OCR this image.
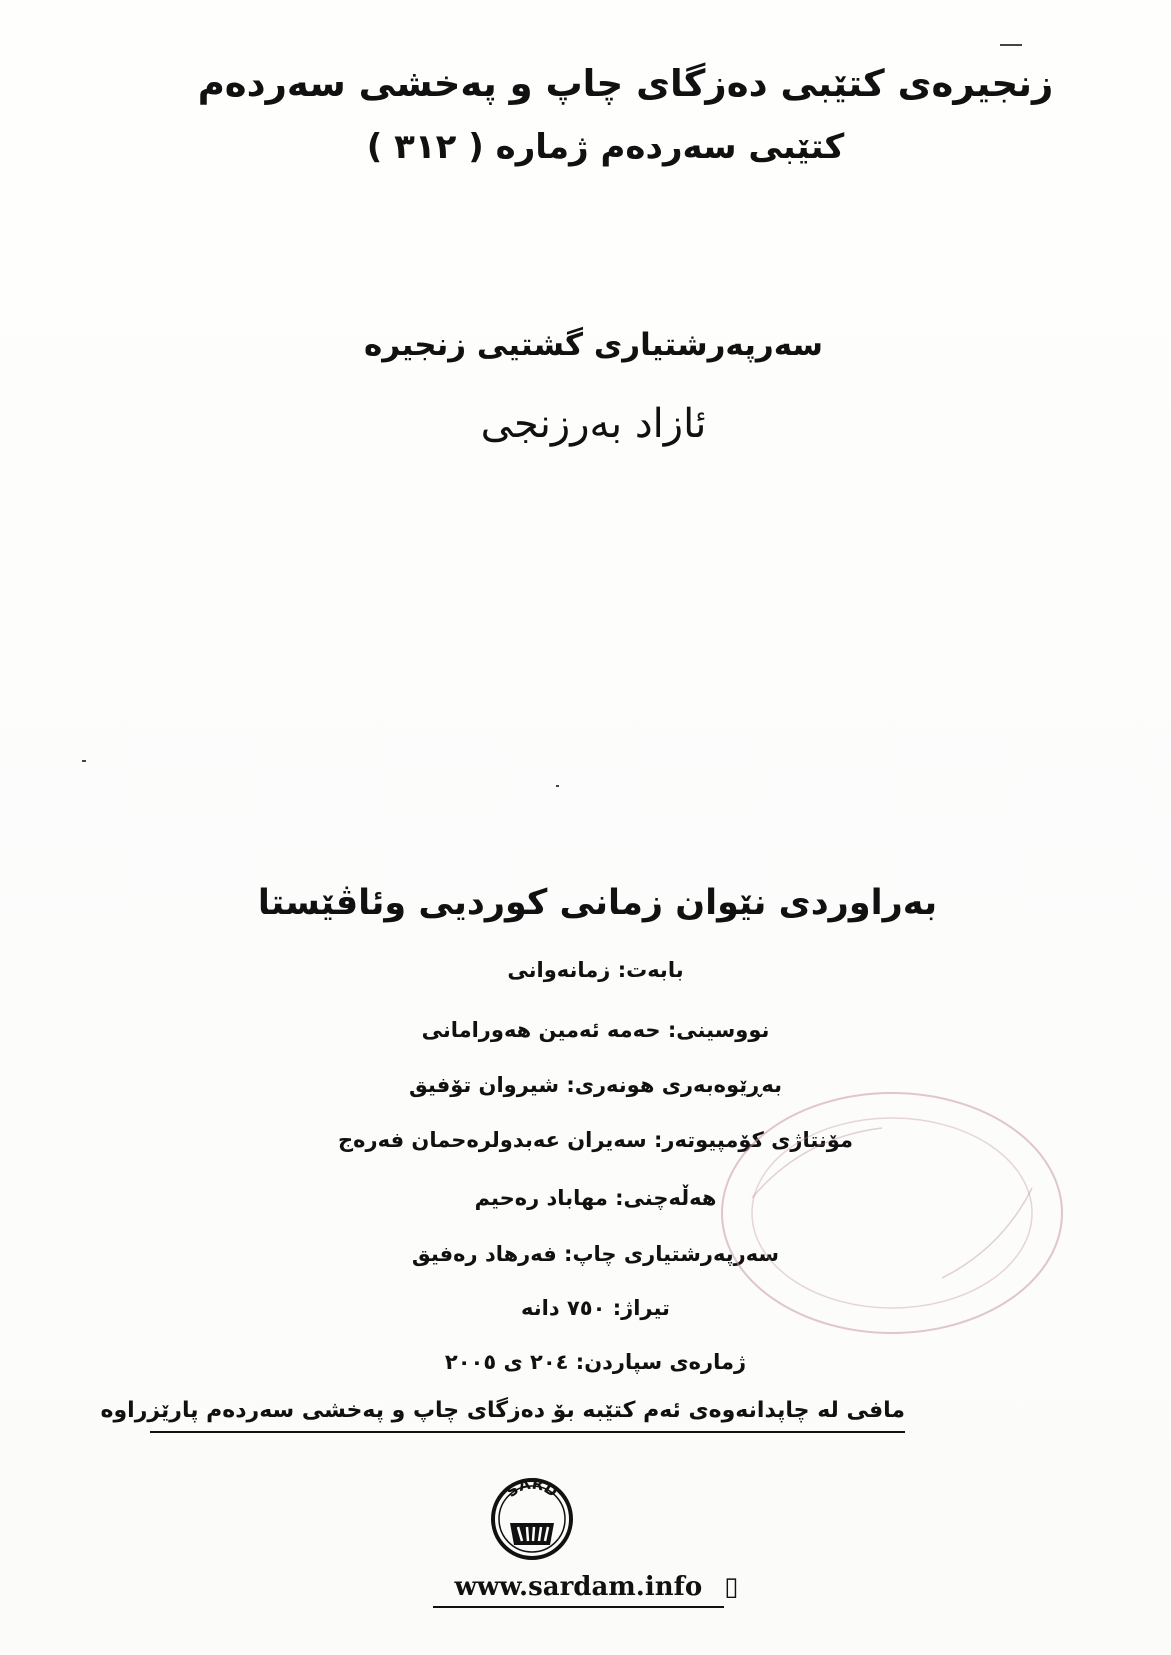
زنجیرەی کتێبی دەزگای چاپ و پەخشی سەردەم
کتێبی سەردەم ژمارە ( ٣١٢ )
سەرپەرشتیاری گشتیی زنجیرە
ئازاد بەرزنجی
بەراوردی نێوان زمانی کوردیی وئاڤێستا
بابەت: زمانەوانی
نووسینی: حەمە ئەمین هەورامانی
بەڕێوەبەری هونەری: شیروان تۆفیق
مۆنتاژی کۆمپیوتەر: سەیران عەبدولرەحمان فەرەج
هەڵەچنی: مهاباد رەحیم
سەرپەرشتیاری چاپ: فەرهاد رەفیق
تیراژ: ٧٥٠ دانە
ژمارەی سپاردن: ٢٠٤ ی ٢٠٠٥
مافی لە چاپدانەوەی ئەم کتێبە بۆ دەزگای چاپ و پەخشی سەردەم پارێزراوە
SARD
www.sardam.info ▯
